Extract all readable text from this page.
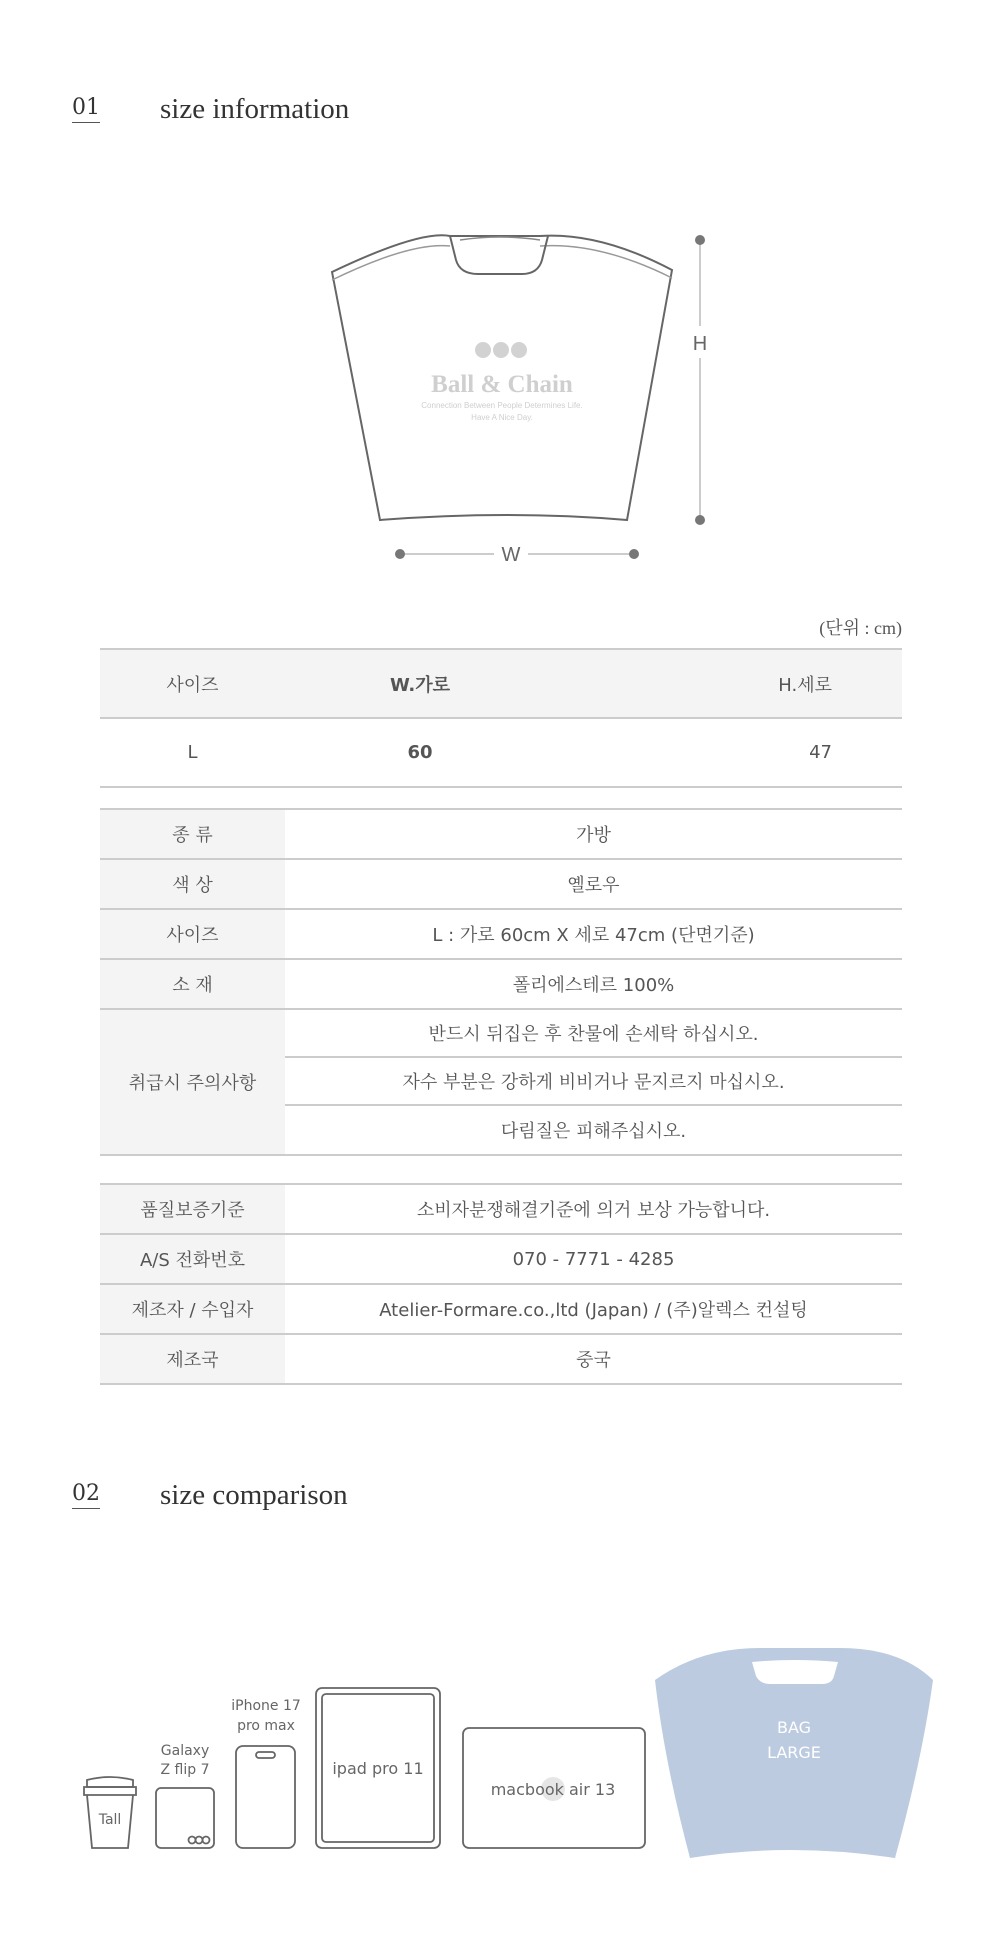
01 size information
Ball & Chain
Connection Between People Determines Life.
Have A Nice Day.
H
W
(단위 : cm)
사이즈	W.가로	H.세로
L	60	47
종 류	가방
색 상	옐로우
사이즈	L : 가로 60cm X 세로 47cm (단면기준)
소 재	폴리에스테르 100%
취급시 주의사항
반드시 뒤집은 후 찬물에 손세탁 하십시오.
자수 부분은 강하게 비비거나 문지르지 마십시오.
다림질은 피해주십시오.
품질보증기준	소비자분쟁해결기준에 의거 보상 가능합니다.
A/S 전화번호	070 - 7771 - 4285
제조자 / 수입자	Atelier-Formare.co.,ltd (Japan) / (주)알렉스 컨설팅
제조국	중국
02 size comparison
Tall
Galaxy
Z flip 7
iPhone 17
pro max
ipad pro 11
macbook air 13
BAG
LARGE
